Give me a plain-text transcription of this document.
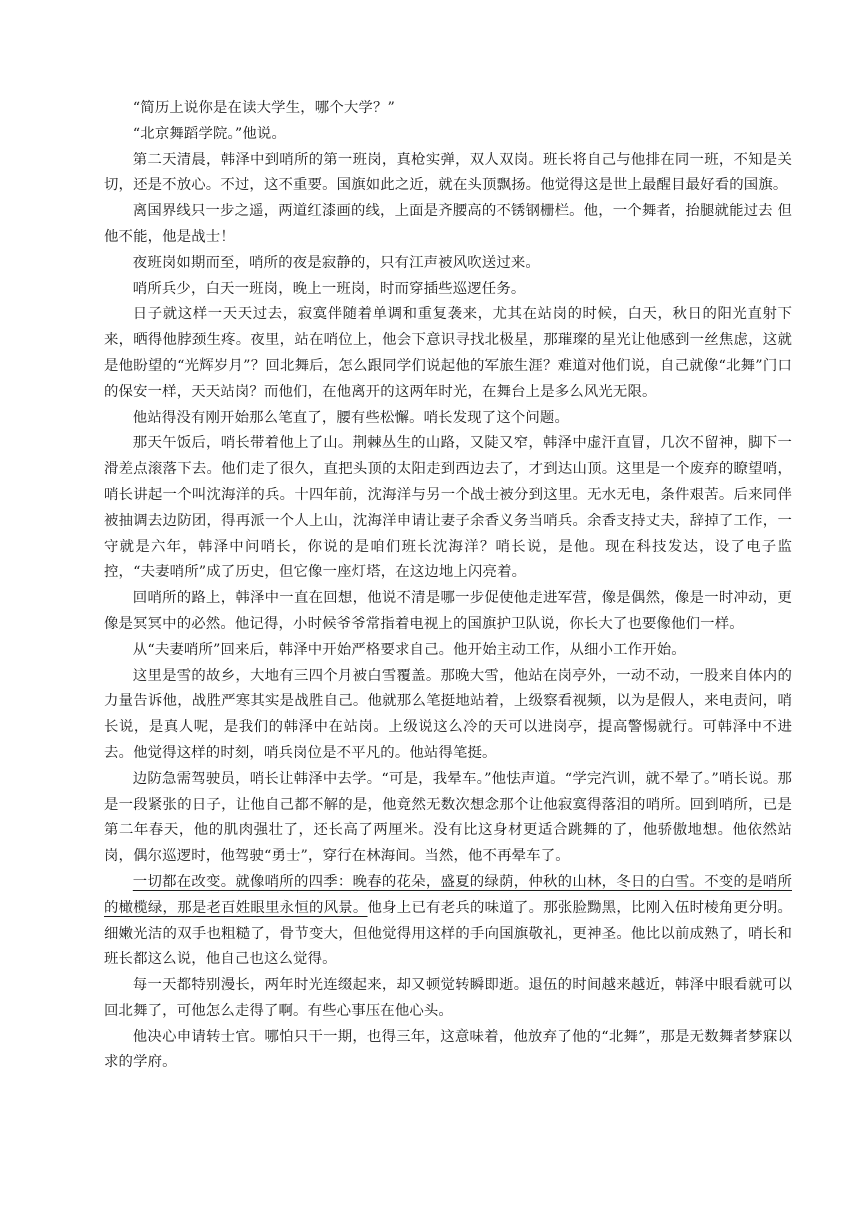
“简历上说你是在读大学生，哪个大学？”

“北京舞蹈学院。”他说。

第二天清晨，韩泽中到哨所的第一班岗，真枪实弹，双人双岗。班长将自己与他排在同一班，不知是关切，还是不放心。不过，这不重要。国旗如此之近，就在头顶飘扬。他觉得这是世上最醒目最好看的国旗。

离国界线只一步之遥，两道红漆画的线，上面是齐腰高的不锈钢栅栏。他，一个舞者，抬腿就能过去 但他不能，他是战士！

夜班岗如期而至，哨所的夜是寂静的，只有江声被风吹送过来。

哨所兵少，白天一班岗，晚上一班岗，时而穿插些巡逻任务。

日子就这样一天天过去，寂寞伴随着单调和重复袭来，尤其在站岗的时候，白天，秋日的阳光直射下来，晒得他脖颈生疼。夜里，站在哨位上，他会下意识寻找北极星，那璀璨的星光让他感到一丝焦虑，这就是他盼望的“光辉岁月”？回北舞后，怎么跟同学们说起他的军旅生涯？难道对他们说，自己就像“北舞”门口的保安一样，天天站岗？而他们，在他离开的这两年时光，在舞台上是多么风光无限。

他站得没有刚开始那么笔直了，腰有些松懈。哨长发现了这个问题。

那天午饭后，哨长带着他上了山。荆棘丛生的山路，又陡又窄，韩泽中虚汗直冒，几次不留神，脚下一滑差点滚落下去。他们走了很久，直把头顶的太阳走到西边去了，才到达山顶。这里是一个废弃的瞭望哨，哨长讲起一个叫沈海洋的兵。十四年前，沈海洋与另一个战士被分到这里。无水无电，条件艰苦。后来同伴被抽调去边防团，得再派一个人上山，沈海洋申请让妻子余香义务当哨兵。余香支持丈夫，辞掉了工作，一守就是六年，韩泽中问哨长，你说的是咱们班长沈海洋？哨长说，是他。现在科技发达，设了电子监控，“夫妻哨所”成了历史，但它像一座灯塔，在这边地上闪亮着。

回哨所的路上，韩泽中一直在回想，他说不清是哪一步促使他走进军营，像是偶然，像是一时冲动，更像是冥冥中的必然。他记得，小时候爷爷常指着电视上的国旗护卫队说，你长大了也要像他们一样。

从“夫妻哨所”回来后，韩泽中开始严格要求自己。他开始主动工作，从细小工作开始。

这里是雪的故乡，大地有三四个月被白雪覆盖。那晚大雪，他站在岗亭外，一动不动，一股来自体内的力量告诉他，战胜严寒其实是战胜自己。他就那么笔挺地站着，上级察看视频，以为是假人，来电责问，哨长说，是真人呢，是我们的韩泽中在站岗。上级说这么冷的天可以进岗亭，提高警惕就行。可韩泽中不进去。他觉得这样的时刻，哨兵岗位是不平凡的。他站得笔挺。

边防急需驾驶员，哨长让韩泽中去学。“可是，我晕车。”他怯声道。“学完汽训，就不晕了。”哨长说。那是一段紧张的日子，让他自己都不解的是，他竟然无数次想念那个让他寂寞得落泪的哨所。回到哨所，已是第二年春天，他的肌肉强壮了，还长高了两厘米。没有比这身材更适合跳舞的了，他骄傲地想。他依然站岗，偶尔巡逻时，他驾驶“勇士”，穿行在林海间。当然，他不再晕车了。

一切都在改变。就像哨所的四季：晚春的花朵，盛夏的绿荫，仲秋的山林，冬日的白雪。不变的是哨所的橄榄绿，那是老百姓眼里永恒的风景。他身上已有老兵的味道了。那张脸黝黑，比刚入伍时棱角更分明。细嫩光洁的双手也粗糙了，骨节变大，但他觉得用这样的手向国旗敬礼，更神圣。他比以前成熟了，哨长和班长都这么说，他自己也这么觉得。

每一天都特别漫长，两年时光连缀起来，却又顿觉转瞬即逝。退伍的时间越来越近，韩泽中眼看就可以回北舞了，可他怎么走得了啊。有些心事压在他心头。

他决心申请转士官。哪怕只干一期，也得三年，这意味着，他放弃了他的“北舞”，那是无数舞者梦寐以求的学府。
